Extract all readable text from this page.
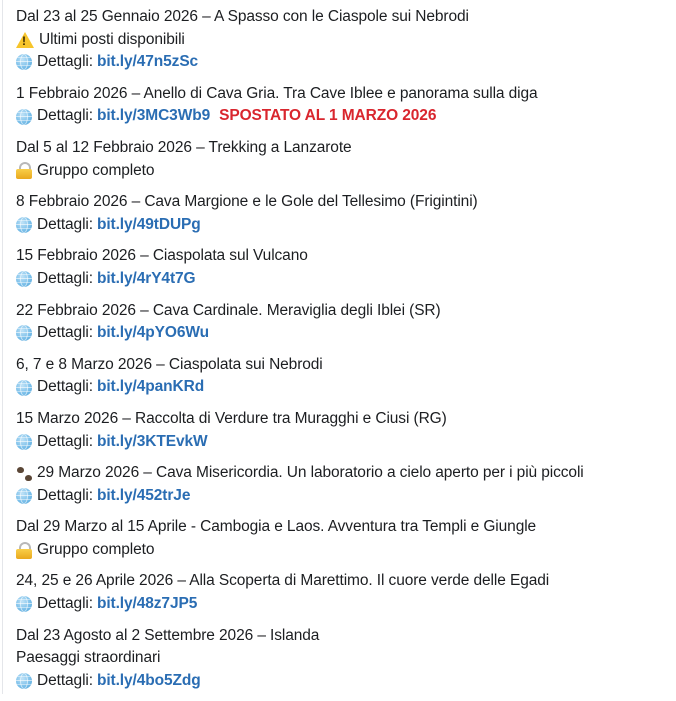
Dal 23 al 25 Gennaio 2026 – A Spasso con le Ciaspole sui Nebrodi
!
Ultimi posti disponibili
Dettagli: bit.ly/47n5zSc
1 Febbraio 2026 – Anello di Cava Gria. Tra Cave Iblee e panorama sulla diga
Dettagli: bit.ly/3MC3Wb9 SPOSTATO AL 1 MARZO 2026
Dal 5 al 12 Febbraio 2026 – Trekking a Lanzarote
Gruppo completo
8 Febbraio 2026 – Cava Margione e le Gole del Tellesimo (Frigintini)
Dettagli: bit.ly/49tDUPg
15 Febbraio 2026 – Ciaspolata sul Vulcano
Dettagli: bit.ly/4rY4t7G
22 Febbraio 2026 – Cava Cardinale. Meraviglia degli Iblei (SR)
Dettagli: bit.ly/4pYO6Wu
6, 7 e 8 Marzo 2026 – Ciaspolata sui Nebrodi
Dettagli: bit.ly/4panKRd
15 Marzo 2026 – Raccolta di Verdure tra Muragghi e Ciusi (RG)
Dettagli: bit.ly/3KTEvkW
29 Marzo 2026 – Cava Misericordia. Un laboratorio a cielo aperto per i più piccoli
Dettagli: bit.ly/452trJe
Dal 29 Marzo al 15 Aprile - Cambogia e Laos. Avventura tra Templi e Giungle
Gruppo completo
24, 25 e 26 Aprile 2026 – Alla Scoperta di Marettimo. Il cuore verde delle Egadi
Dettagli: bit.ly/48z7JP5
Dal 23 Agosto al 2 Settembre 2026 – Islanda
Paesaggi straordinari
Dettagli: bit.ly/4bo5Zdg
